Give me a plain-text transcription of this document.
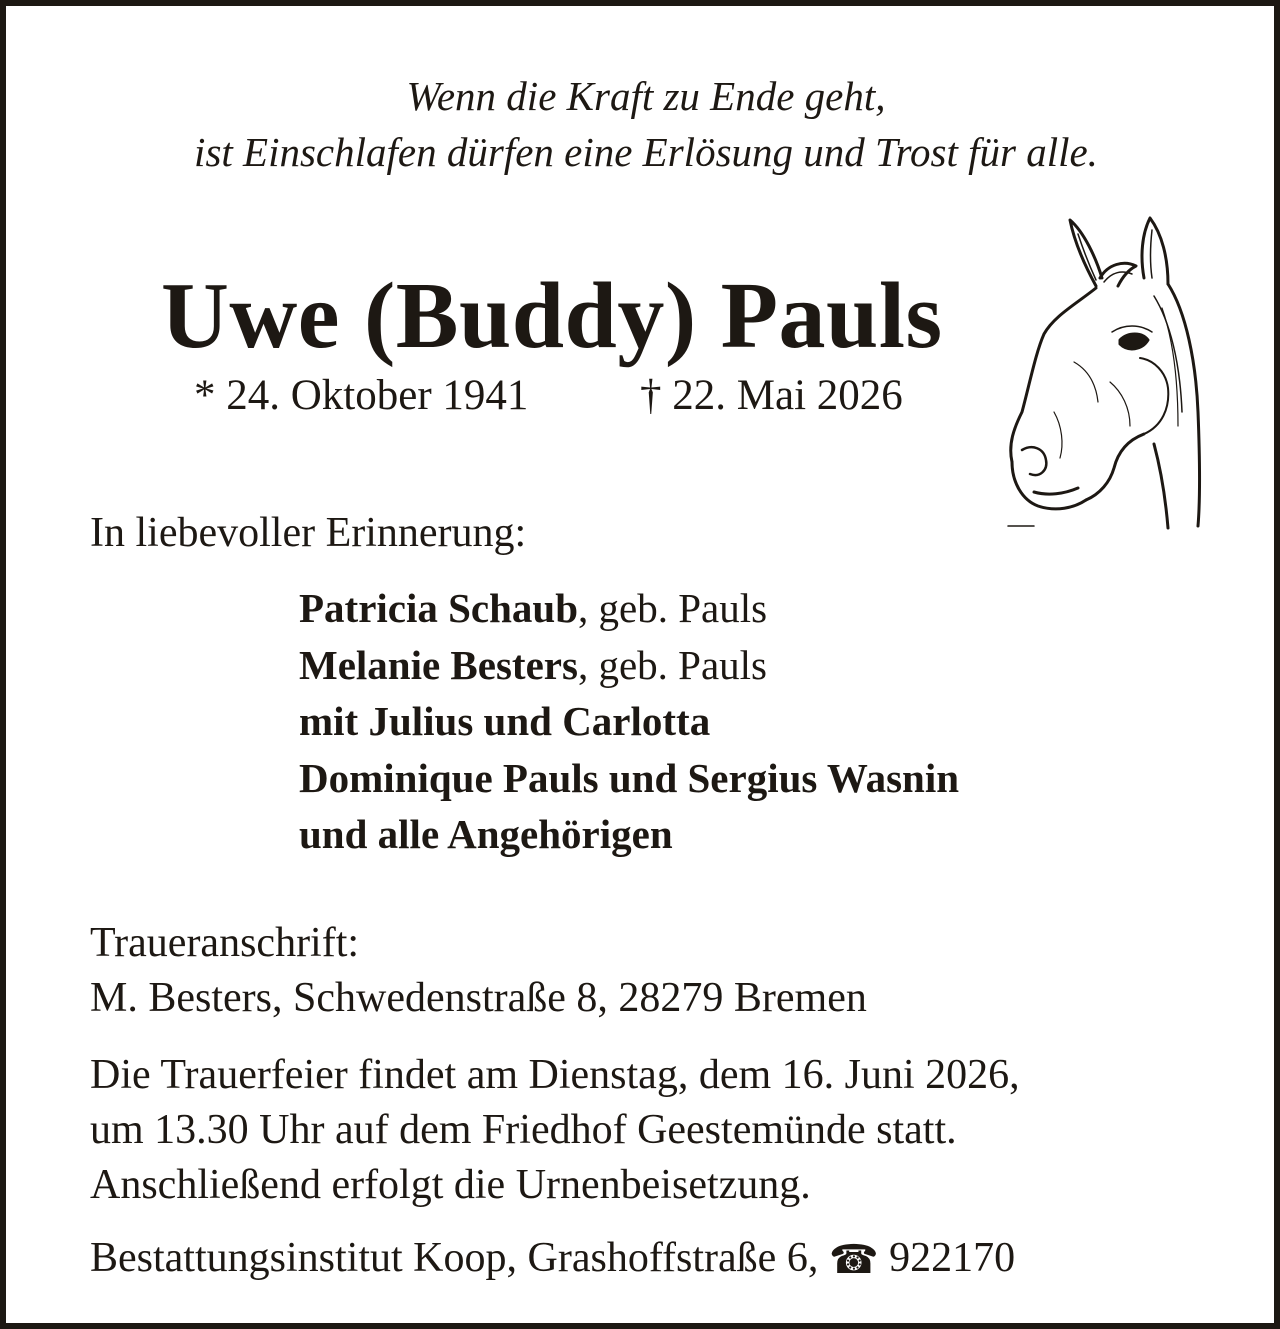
Wenn die Kraft zu Ende geht,
ist Einschlafen dürfen eine Erlösung und Trost für alle.
Uwe (Buddy) Pauls
* 24. Oktober 1941	† 22. Mai 2026
In liebevoller Erinnerung:
Patricia Schaub, geb. Pauls
Melanie Besters, geb. Pauls
mit Julius und Carlotta
Dominique Pauls und Sergius Wasnin
und alle Angehörigen
Traueranschrift:
M. Besters, Schwedenstraße 8, 28279 Bremen
Die Trauerfeier findet am Dienstag, dem 16. Juni 2026,
um 13.30 Uhr auf dem Friedhof Geestemünde statt.
Anschließend erfolgt die Urnenbeisetzung.
Bestattungsinstitut Koop, Grashoffstraße 6, ☎ 922170
